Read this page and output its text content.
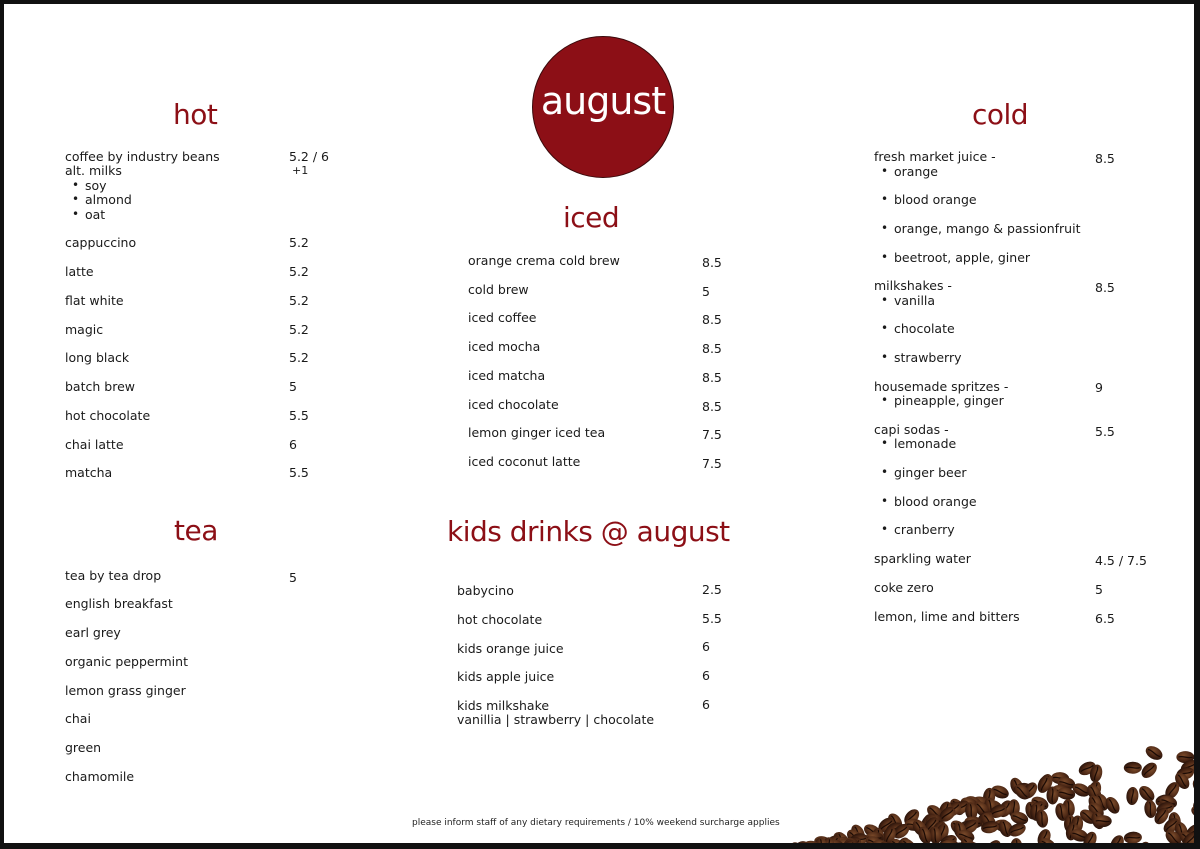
august
hot
coffee by industry beans	5.2 / 6
alt. milks	+1
• soy
• almond
• oat
cappuccino	5.2
latte	5.2
flat white	5.2
magic	5.2
long black	5.2
batch brew	5
hot chocolate	5.5
chai latte	6
matcha	5.5
tea
tea by tea drop	5
english breakfast
earl grey
organic peppermint
lemon grass ginger
chai
green
chamomile
iced
orange crema cold brew	8.5
cold brew	5
iced coffee	8.5
iced mocha	8.5
iced matcha	8.5
iced chocolate	8.5
lemon ginger iced tea	7.5
iced coconut latte	7.5
kids drinks @ august
babycino	2.5
hot chocolate	5.5
kids orange juice	6
kids apple juice	6
kids milkshake	6
vanillia | strawberry | chocolate
cold
fresh market juice -	8.5
• orange
• blood orange
• orange, mango & passionfruit
• beetroot, apple, giner
milkshakes -	8.5
• vanilla
• chocolate
• strawberry
housemade spritzes -	9
• pineapple, ginger
capi sodas -	5.5
• lemonade
• ginger beer
• blood orange
• cranberry
sparkling water	4.5 / 7.5
coke zero	5
lemon, lime and bitters	6.5
please inform staff of any dietary requirements / 10% weekend surcharge applies
